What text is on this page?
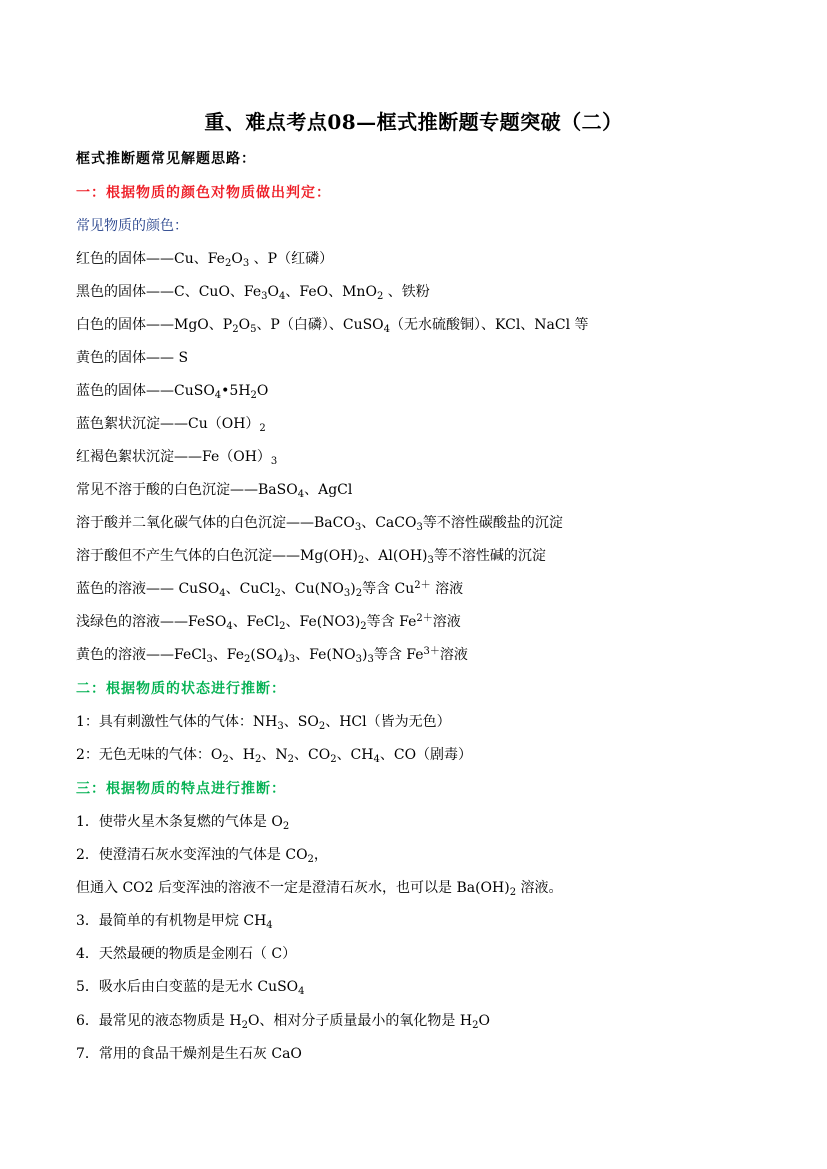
重、难点考点08—框式推断题专题突破（二）
框式推断题常见解题思路：
一：根据物质的颜色对物质做出判定：
常见物质的颜色：
红色的固体——Cu、$Fe_2O_3$ 、P（红磷）
黑色的固体——C、CuO、$Fe_3O_4$、FeO、MnO$_2$ 、铁粉
白色的固体——MgO、$P_2O_5$、P（白磷）、CuSO$_4$（无水硫酸铜）、KCl、NaCl 等
黄色的固体—— S
蓝色的固体$——CuSO_4•5H_2O$
蓝色絮状沉淀$——Cu(OH)_2$
红褐色絮状沉淀$——Fe(OH)_3$
常见不溶于酸的白色沉淀——BaSO$_4$、AgCl
溶于酸并二氧化碳气体的白色沉淀——BaCO$_3$、CaCO$_3$等不溶性碳酸盐的沉淀
溶于酸但不产生气体的白色沉淀$——Mg(OH)_2$、$Al(OH)_3$等不溶性碱的沉淀
蓝色的溶液—— CuSO$_4$、CuCl$_2$、$Cu(NO_3)_2$等含 $Cu^{2+}$ 溶液
浅绿色的溶液——FeSO$_4$、FeCl$_2$、$Fe(NO3)_2$等含 $Fe^{2+}$溶液
黄色的溶液——FeCl$_3$、$Fe_2(SO_4)_3$、$Fe(NO_3)_3$等含 $Fe^{3+}$溶液
二：根据物质的状态进行推断：
1：具有刺激性气体的气体：$NH_3$、$SO_2$、HCl（皆为无色）
2：无色无味的气体：$O_2$、$H_2$、$N_2$、$CO_2$、$CH_4$、CO（剧毒）
三：根据物质的特点进行推断：
1．使带火星木条复燃的气体是 $O_2$
2．使澄清石灰水变浑浊的气体是 $CO_2$，
但通入 CO2 后变浑浊的溶液不一定是澄清石灰水，也可以是 $Ba(OH)_2$ 溶液。
3．最简单的有机物是甲烷 $CH_4$
4．天然最硬的物质是金刚石（ C）
5．吸水后由白变蓝的是无水 CuSO$_4$
6．最常见的液态物质是 $H_2O$、相对分子质量最小的氧化物是 $H_2O$
7．常用的食品干燥剂是生石灰 CaO
